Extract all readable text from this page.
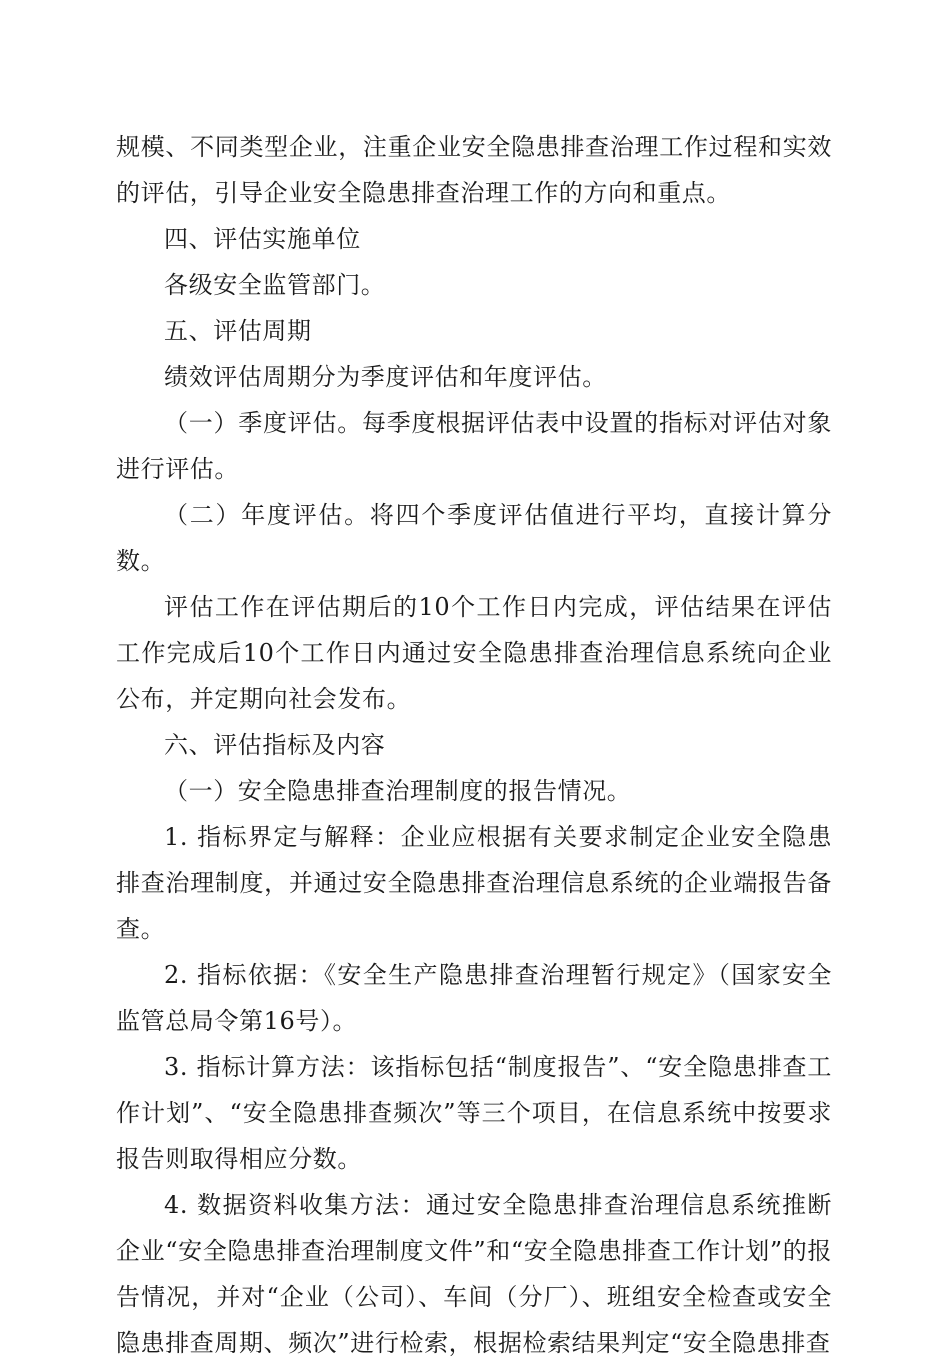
规模、不同类型企业，注重企业安全隐患排查治理工作过程和实效的评估，引导企业安全隐患排查治理工作的方向和重点。

四、评估实施单位

各级安全监管部门。

五、评估周期

绩效评估周期分为季度评估和年度评估。

（一）季度评估。每季度根据评估表中设置的指标对评估对象进行评估。

（二）年度评估。将四个季度评估值进行平均，直接计算分数。

评估工作在评估期后的10个工作日内完成，评估结果在评估工作完成后10个工作日内通过安全隐患排查治理信息系统向企业公布，并定期向社会发布。

六、评估指标及内容

（一）安全隐患排查治理制度的报告情况。

1. 指标界定与解释：企业应根据有关要求制定企业安全隐患排查治理制度，并通过安全隐患排查治理信息系统的企业端报告备查。

2. 指标依据：《安全生产隐患排查治理暂行规定》（国家安全监管总局令第16号）。

3. 指标计算方法：该指标包括“制度报告”、“安全隐患排查工作计划”、“安全隐患排查频次”等三个项目，在信息系统中按要求报告则取得相应分数。

4. 数据资料收集方法：通过安全隐患排查治理信息系统推断企业“安全隐患排查治理制度文件”和“安全隐患排查工作计划”的报告情况，并对“企业（公司）、车间（分厂）、班组安全检查或安全隐患排查周期、频次”进行检索，根据检索结果判定“安全隐患排查
